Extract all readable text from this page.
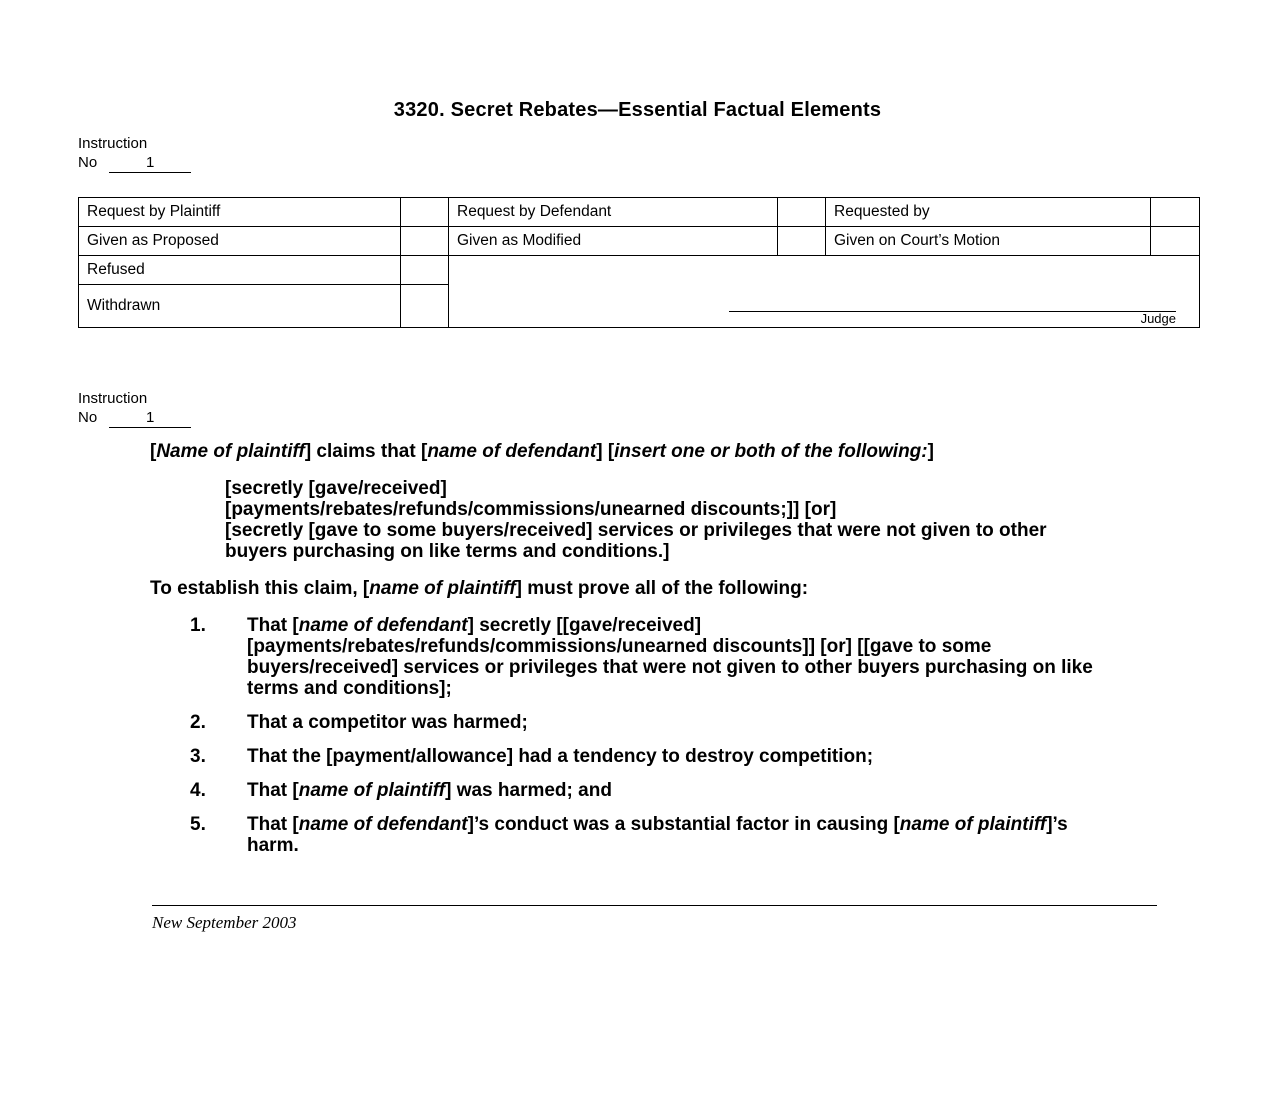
3320. Secret Rebates—Essential Factual Elements
Instruction
No	1
Request by Plaintiff		Request by Defendant		Requested by	
Given as Proposed		Given as Modified		Given on Court’s Motion	
Refused		Judge			

Withdrawn					
Instruction
No	1

[Name of plaintiff] claims that [name of defendant] [insert one or both of the following:]

[secretly [gave/received]
[payments/rebates/refunds/commissions/unearned discounts;]] [or]
[secretly [gave to some buyers/received] services or privileges that were not given to other buyers purchasing on like terms and conditions.]

To establish this claim, [name of plaintiff] must prove all of the following:

1.	That [name of defendant] secretly [[gave/received] [payments/rebates/refunds/commissions/unearned discounts]] [or] [[gave to some buyers/received] services or privileges that were not given to other buyers purchasing on like terms and conditions];
2.	That a competitor was harmed;
3.	That the [payment/allowance] had a tendency to destroy competition;
4.	That [name of plaintiff] was harmed; and
5.	That [name of defendant]’s conduct was a substantial factor in causing [name of plaintiff]’s harm.
New September 2003
